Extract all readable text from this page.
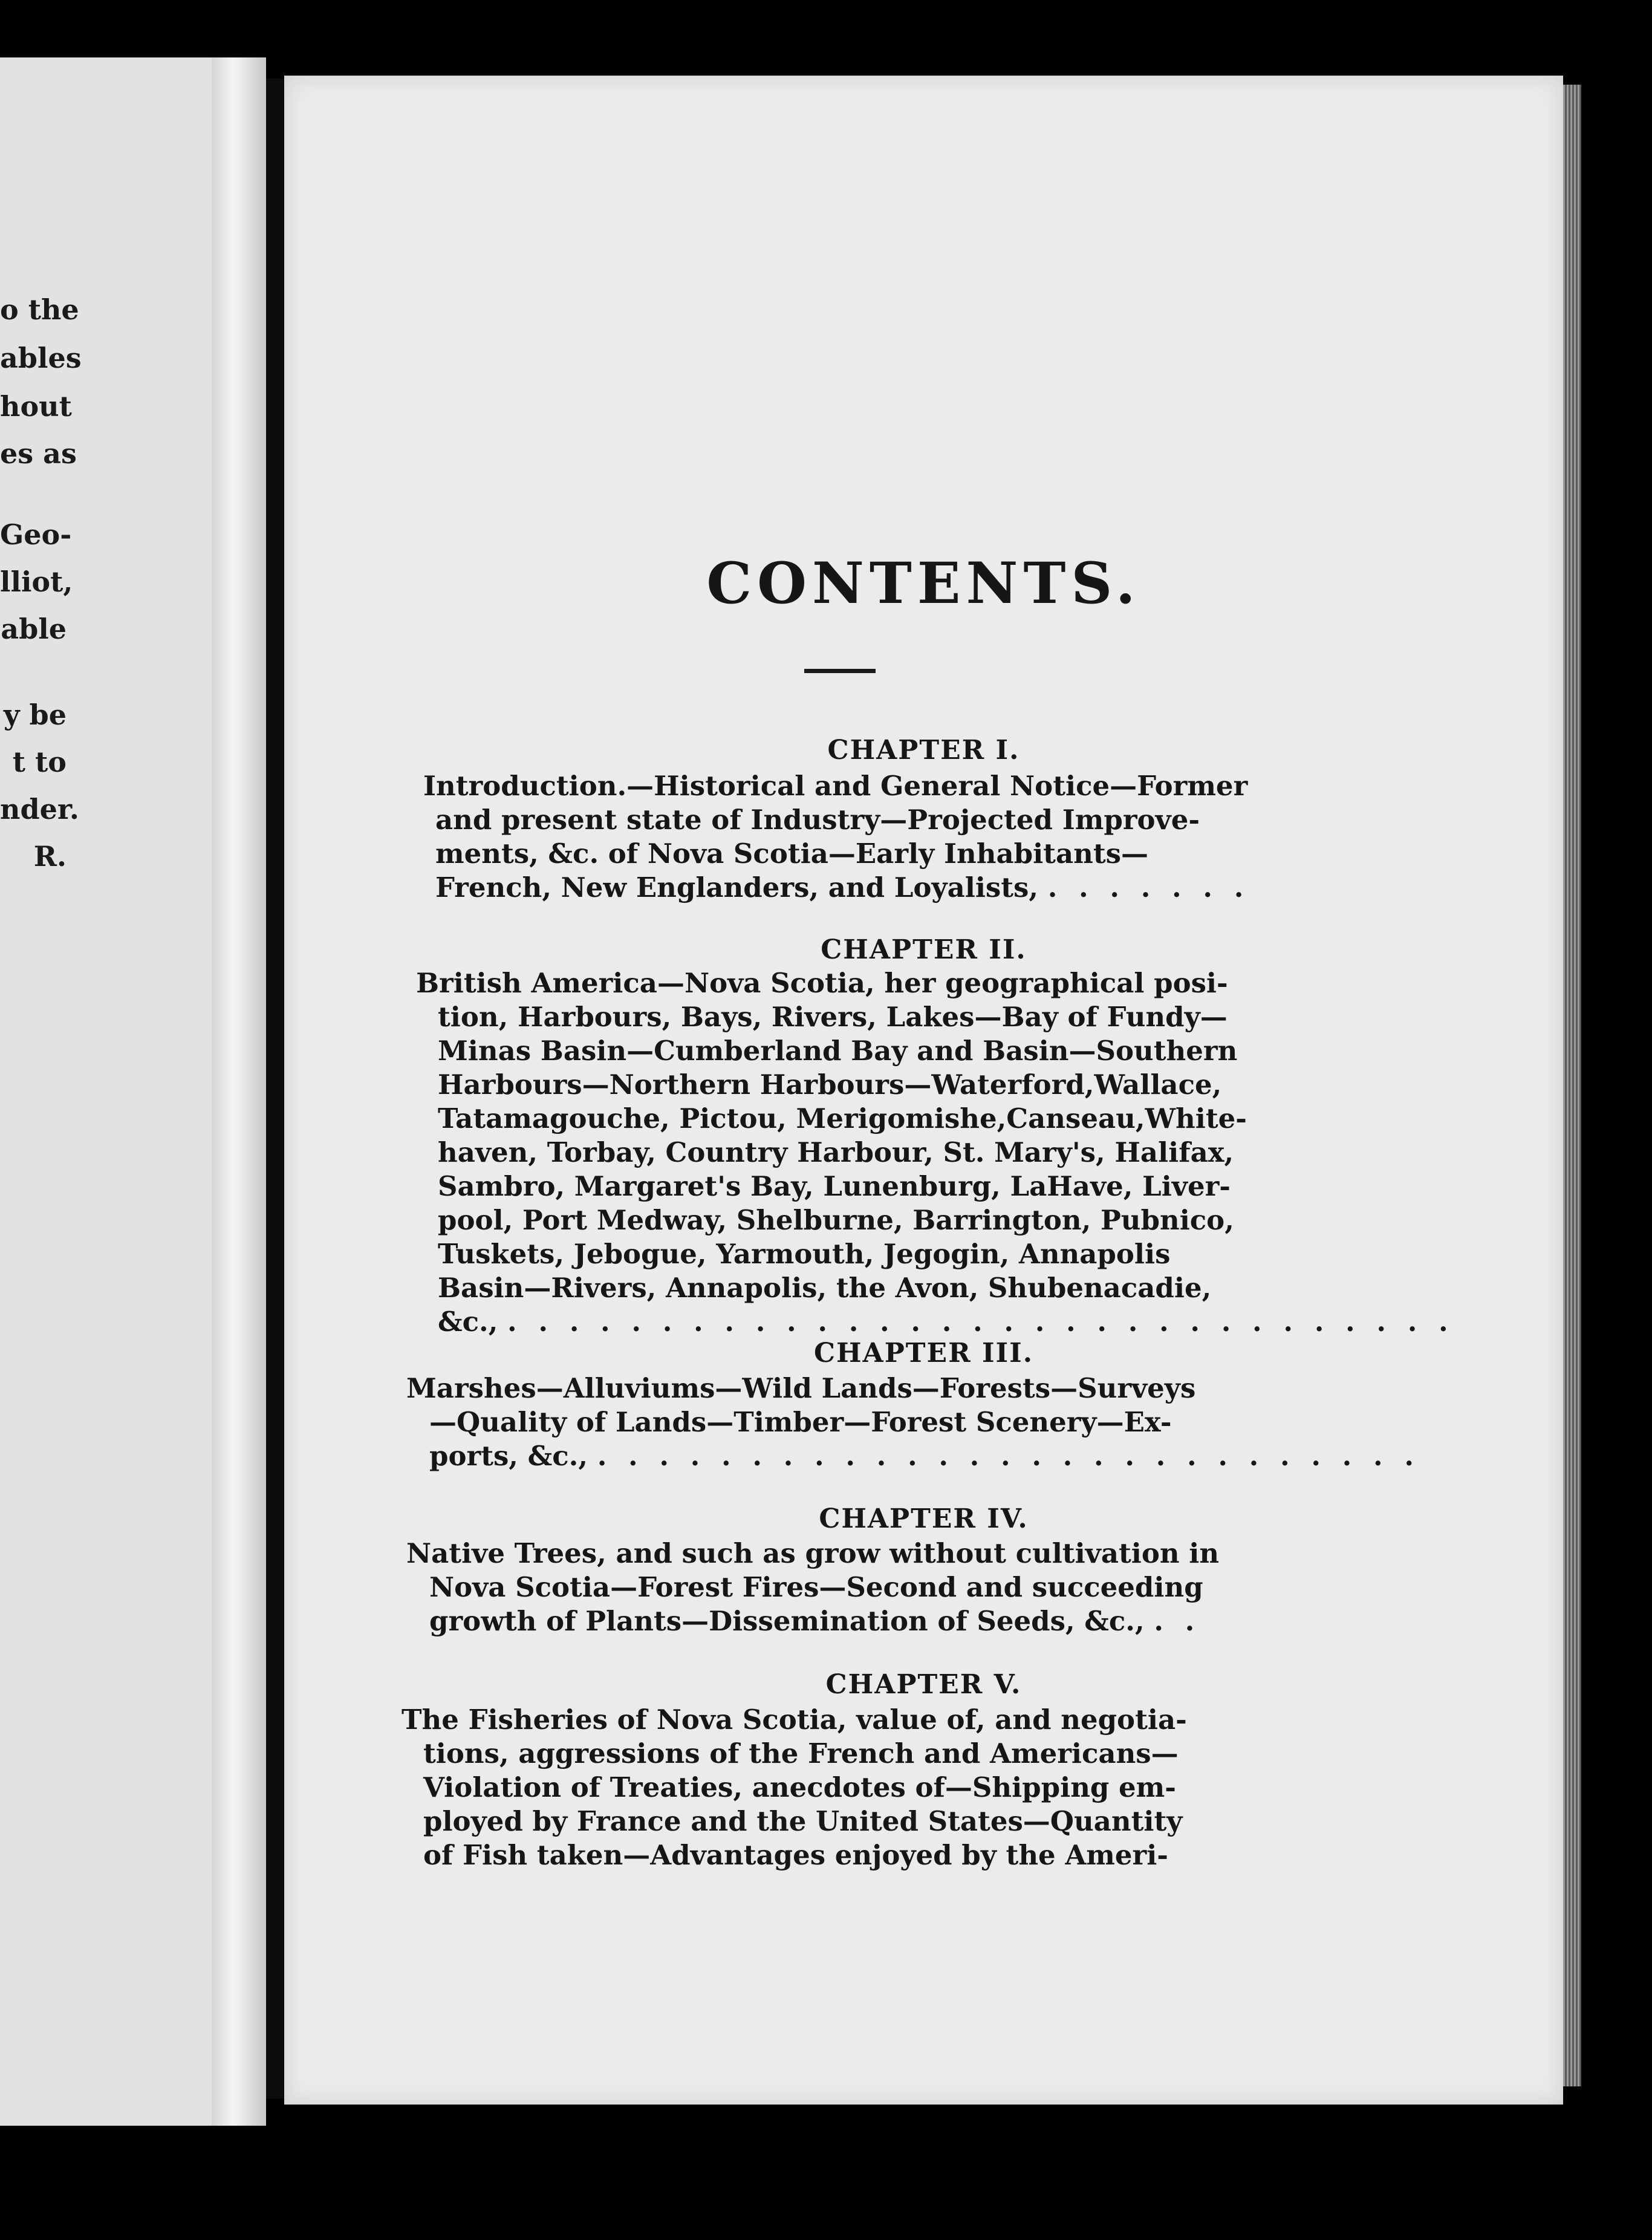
o the
ables
hout
es as
Geo-
lliot,
able
y be
t to
nder.
R.
CONTENTS.
CHAPTER I.
Introduction.—Historical and General Notice—Former
and present state of Industry—Projected Improve-
ments, &c. of Nova Scotia—Early Inhabitants—
French, New Englanders, and Loyalists, . . . . . . .
CHAPTER II.
British America—Nova Scotia, her geographical posi-
tion, Harbours, Bays, Rivers, Lakes—Bay of Fundy—
Minas Basin—Cumberland Bay and Basin—Southern
Harbours—Northern Harbours—Waterford,Wallace,
Tatamagouche, Pictou, Merigomishe,Canseau,White-
haven, Torbay, Country Harbour, St. Mary's, Halifax,
Sambro, Margaret's Bay, Lunenburg, LaHave, Liver-
pool, Port Medway, Shelburne, Barrington, Pubnico,
Tuskets, Jebogue, Yarmouth, Jegogin, Annapolis
Basin—Rivers, Annapolis, the Avon, Shubenacadie,
&c., . . . . . . . . . . . . . . . . . . . . . . . . . . . . . . .
CHAPTER III.
Marshes—Alluviums—Wild Lands—Forests—Surveys
—Quality of Lands—Timber—Forest Scenery—Ex-
ports, &c., . . . . . . . . . . . . . . . . . . . . . . . . . . .
CHAPTER IV.
Native Trees, and such as grow without cultivation in
Nova Scotia—Forest Fires—Second and succeeding
growth of Plants—Dissemination of Seeds, &c., . .
CHAPTER V.
The Fisheries of Nova Scotia, value of, and negotia-
tions, aggressions of the French and Americans—
Violation of Treaties, anecdotes of—Shipping em-
ployed by France and the United States—Quantity
of Fish taken—Advantages enjoyed by the Ameri-
